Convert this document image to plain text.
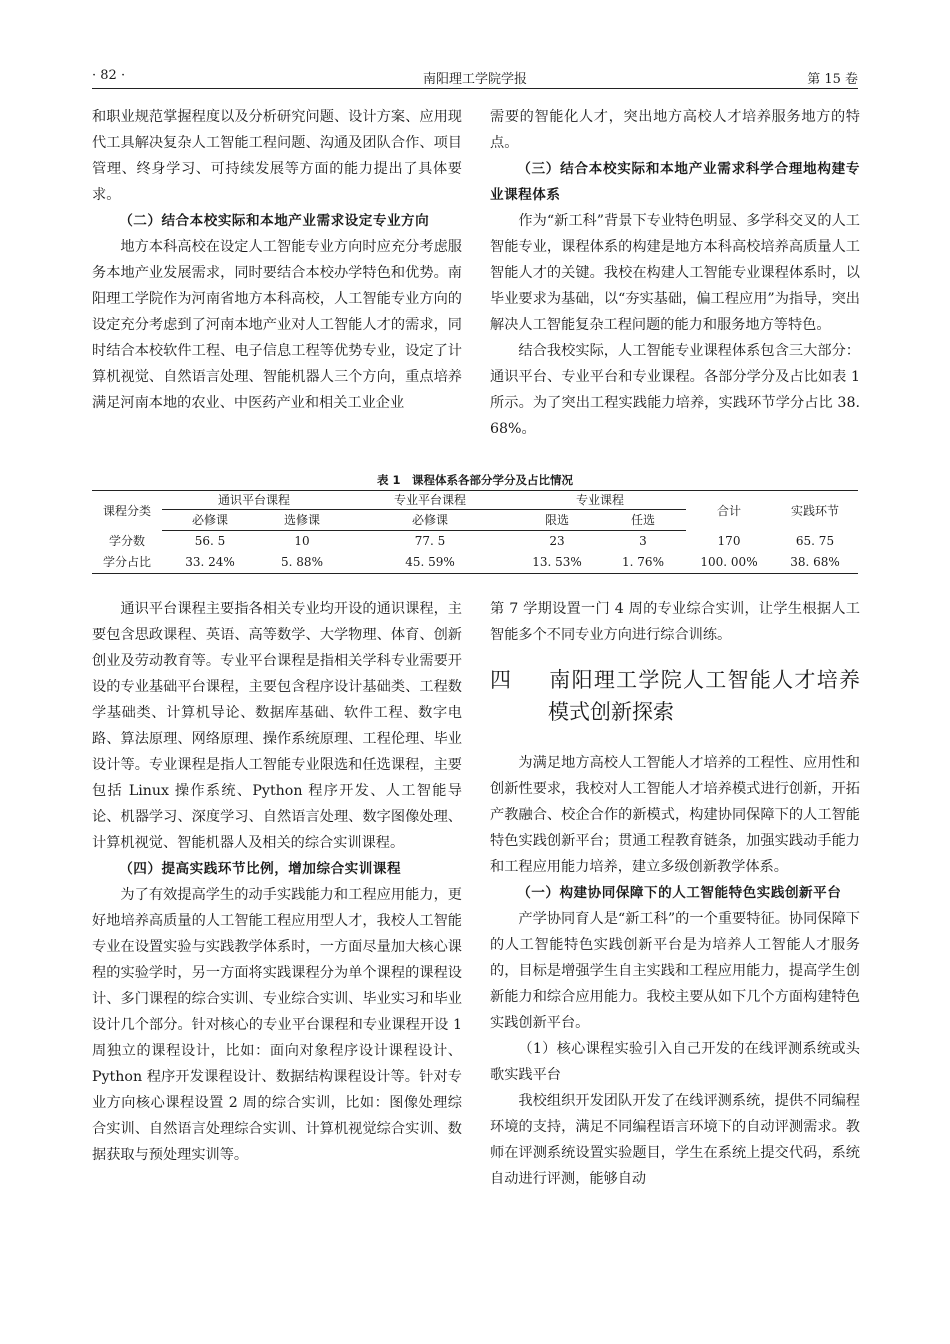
· 82 ·	南阳理工学院学报	第 15 卷

和职业规范掌握程度以及分析研究问题、设计方案、应用现代工具解决复杂人工智能工程问题、沟通及团队合作、项目管理、终身学习、可持续发展等方面的能力提出了具体要求。

（二）结合本校实际和本地产业需求设定专业方向

地方本科高校在设定人工智能专业方向时应充分考虑服务本地产业发展需求，同时要结合本校办学特色和优势。南阳理工学院作为河南省地方本科高校，人工智能专业方向的设定充分考虑到了河南本地产业对人工智能人才的需求，同时结合本校软件工程、电子信息工程等优势专业，设定了计算机视觉、自然语言处理、智能机器人三个方向，重点培养满足河南本地的农业、中医药产业和相关工业企业

需要的智能化人才，突出地方高校人才培养服务地方的特点。

（三）结合本校实际和本地产业需求科学合理地构建专业课程体系

作为“新工科”背景下专业特色明显、多学科交叉的人工智能专业，课程体系的构建是地方本科高校培养高质量人工智能人才的关键。我校在构建人工智能专业课程体系时，以毕业要求为基础，以“夯实基础，偏工程应用”为指导，突出解决人工智能复杂工程问题的能力和服务地方等特色。

结合我校实际，人工智能专业课程体系包含三大部分：通识平台、专业平台和专业课程。各部分学分及占比如表 1 所示。为了突出工程实践能力培养，实践环节学分占比 38. 68%。

表 1　课程体系各部分学分及占比情况
课程分类	通识平台课程		专业平台课程	专业课程		合计	实践环节
	必修课	选修课	必修课	限选	任选		
学分数	56. 5	10	77. 5	23	3	170	65. 75
学分占比	33. 24%	5. 88%	45. 59%	13. 53%	1. 76%	100. 00%	38. 68%

通识平台课程主要指各相关专业均开设的通识课程，主要包含思政课程、英语、高等数学、大学物理、体育、创新创业及劳动教育等。专业平台课程是指相关学科专业需要开设的专业基础平台课程，主要包含程序设计基础类、工程数学基础类、计算机导论、数据库基础、软件工程、数字电路、算法原理、网络原理、操作系统原理、工程伦理、毕业设计等。专业课程是指人工智能专业限选和任选课程，主要包括 Linux 操作系统、Python 程序开发、人工智能导论、机器学习、深度学习、自然语言处理、数字图像处理、计算机视觉、智能机器人及相关的综合实训课程。

（四）提高实践环节比例，增加综合实训课程

为了有效提高学生的动手实践能力和工程应用能力，更好地培养高质量的人工智能工程应用型人才，我校人工智能专业在设置实验与实践教学体系时，一方面尽量加大核心课程的实验学时，另一方面将实践课程分为单个课程的课程设计、多门课程的综合实训、专业综合实训、毕业实习和毕业设计几个部分。针对核心的专业平台课程和专业课程开设 1 周独立的课程设计，比如：面向对象程序设计课程设计、Python 程序开发课程设计、数据结构课程设计等。针对专业方向核心课程设置 2 周的综合实训，比如：图像处理综合实训、自然语言处理综合实训、计算机视觉综合实训、数据获取与预处理实训等。

第 7 学期设置一门 4 周的专业综合实训，让学生根据人工智能多个不同专业方向进行综合训练。

四 南阳理工学院人工智能人才培养模式创新探索

为满足地方高校人工智能人才培养的工程性、应用性和创新性要求，我校对人工智能人才培养模式进行创新，开拓产教融合、校企合作的新模式，构建协同保障下的人工智能特色实践创新平台；贯通工程教育链条，加强实践动手能力和工程应用能力培养，建立多级创新教学体系。

（一）构建协同保障下的人工智能特色实践创新平台

产学协同育人是“新工科”的一个重要特征。协同保障下的人工智能特色实践创新平台是为培养人工智能人才服务的，目标是增强学生自主实践和工程应用能力，提高学生创新能力和综合应用能力。我校主要从如下几个方面构建特色实践创新平台。

（1）核心课程实验引入自己开发的在线评测系统或头歌实践平台

我校组织开发团队开发了在线评测系统，提供不同编程环境的支持，满足不同编程语言环境下的自动评测需求。教师在评测系统设置实验题目，学生在系统上提交代码，系统自动进行评测，能够自动
